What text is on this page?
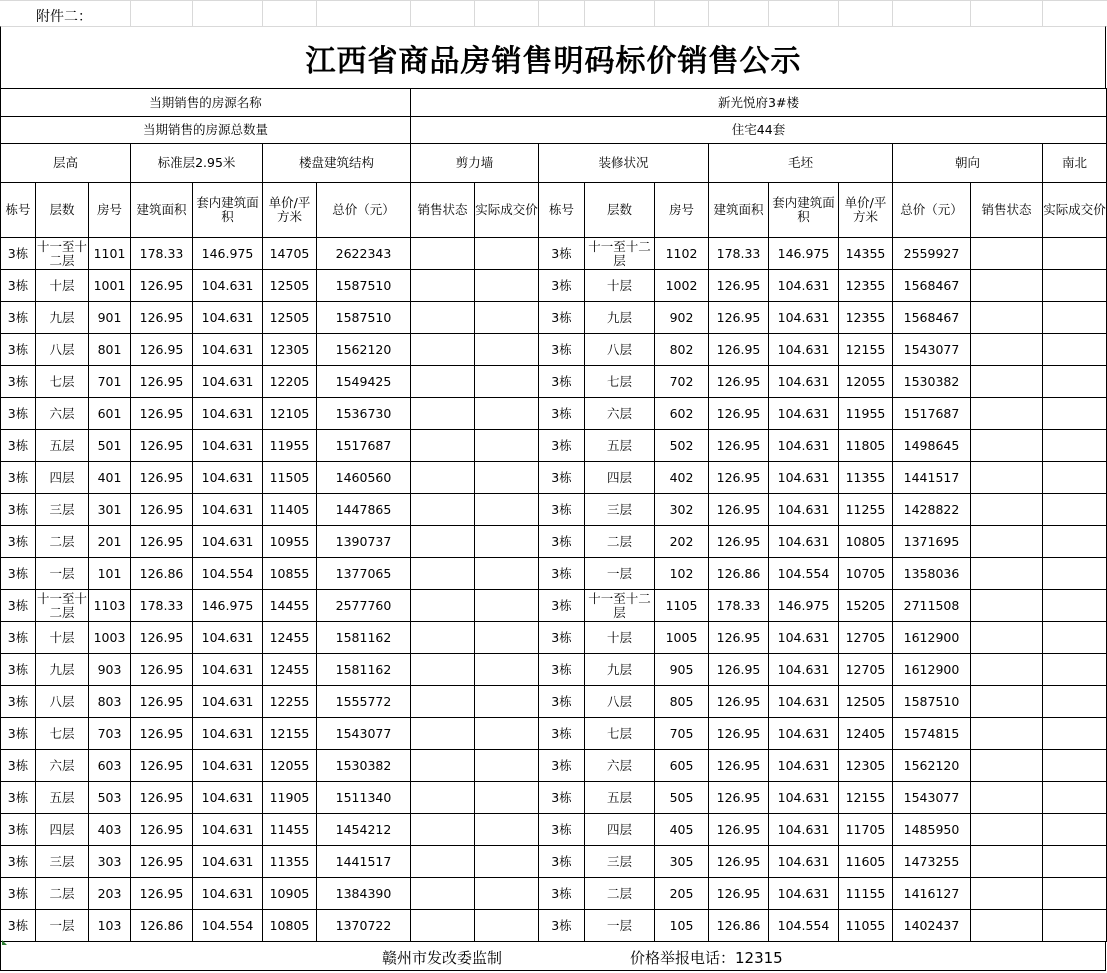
附件二：
江西省商品房销售明码标价销售公示
当期销售的房源名称							新光悦府3#楼										
当期销售的房源总数量							住宅44套										
层高			标准层2.95米		楼盘建筑结构		剪力墙		装修状况			毛坯			朝向		南北
栋号	层数	房号	建筑面积	套内建筑面积	单价/平方米	总价（元）	销售状态	实际成交价	栋号	层数	房号	建筑面积	套内建筑面积	单价/平方米	总价（元）	销售状态	实际成交价
3栋	十一至十二层	1101	178.33	146.975	14705	2622343			3栋	十一至十二层	1102	178.33	146.975	14355	2559927		
3栋	十层	1001	126.95	104.631	12505	1587510			3栋	十层	1002	126.95	104.631	12355	1568467		
3栋	九层	901	126.95	104.631	12505	1587510			3栋	九层	902	126.95	104.631	12355	1568467		
3栋	八层	801	126.95	104.631	12305	1562120			3栋	八层	802	126.95	104.631	12155	1543077		
3栋	七层	701	126.95	104.631	12205	1549425			3栋	七层	702	126.95	104.631	12055	1530382		
3栋	六层	601	126.95	104.631	12105	1536730			3栋	六层	602	126.95	104.631	11955	1517687		
3栋	五层	501	126.95	104.631	11955	1517687			3栋	五层	502	126.95	104.631	11805	1498645		
3栋	四层	401	126.95	104.631	11505	1460560			3栋	四层	402	126.95	104.631	11355	1441517		
3栋	三层	301	126.95	104.631	11405	1447865			3栋	三层	302	126.95	104.631	11255	1428822		
3栋	二层	201	126.95	104.631	10955	1390737			3栋	二层	202	126.95	104.631	10805	1371695		
3栋	一层	101	126.86	104.554	10855	1377065			3栋	一层	102	126.86	104.554	10705	1358036		
3栋	十一至十二层	1103	178.33	146.975	14455	2577760			3栋	十一至十二层	1105	178.33	146.975	15205	2711508		
3栋	十层	1003	126.95	104.631	12455	1581162			3栋	十层	1005	126.95	104.631	12705	1612900		
3栋	九层	903	126.95	104.631	12455	1581162			3栋	九层	905	126.95	104.631	12705	1612900		
3栋	八层	803	126.95	104.631	12255	1555772			3栋	八层	805	126.95	104.631	12505	1587510		
3栋	七层	703	126.95	104.631	12155	1543077			3栋	七层	705	126.95	104.631	12405	1574815		
3栋	六层	603	126.95	104.631	12055	1530382			3栋	六层	605	126.95	104.631	12305	1562120		
3栋	五层	503	126.95	104.631	11905	1511340			3栋	五层	505	126.95	104.631	12155	1543077		
3栋	四层	403	126.95	104.631	11455	1454212			3栋	四层	405	126.95	104.631	11705	1485950		
3栋	三层	303	126.95	104.631	11355	1441517			3栋	三层	305	126.95	104.631	11605	1473255		
3栋	二层	203	126.95	104.631	10905	1384390			3栋	二层	205	126.95	104.631	11155	1416127		
3栋	一层	103	126.86	104.554	10805	1370722			3栋	一层	105	126.86	104.554	11055	1402437		
赣州市发改委监制	价格举报电话：12315
